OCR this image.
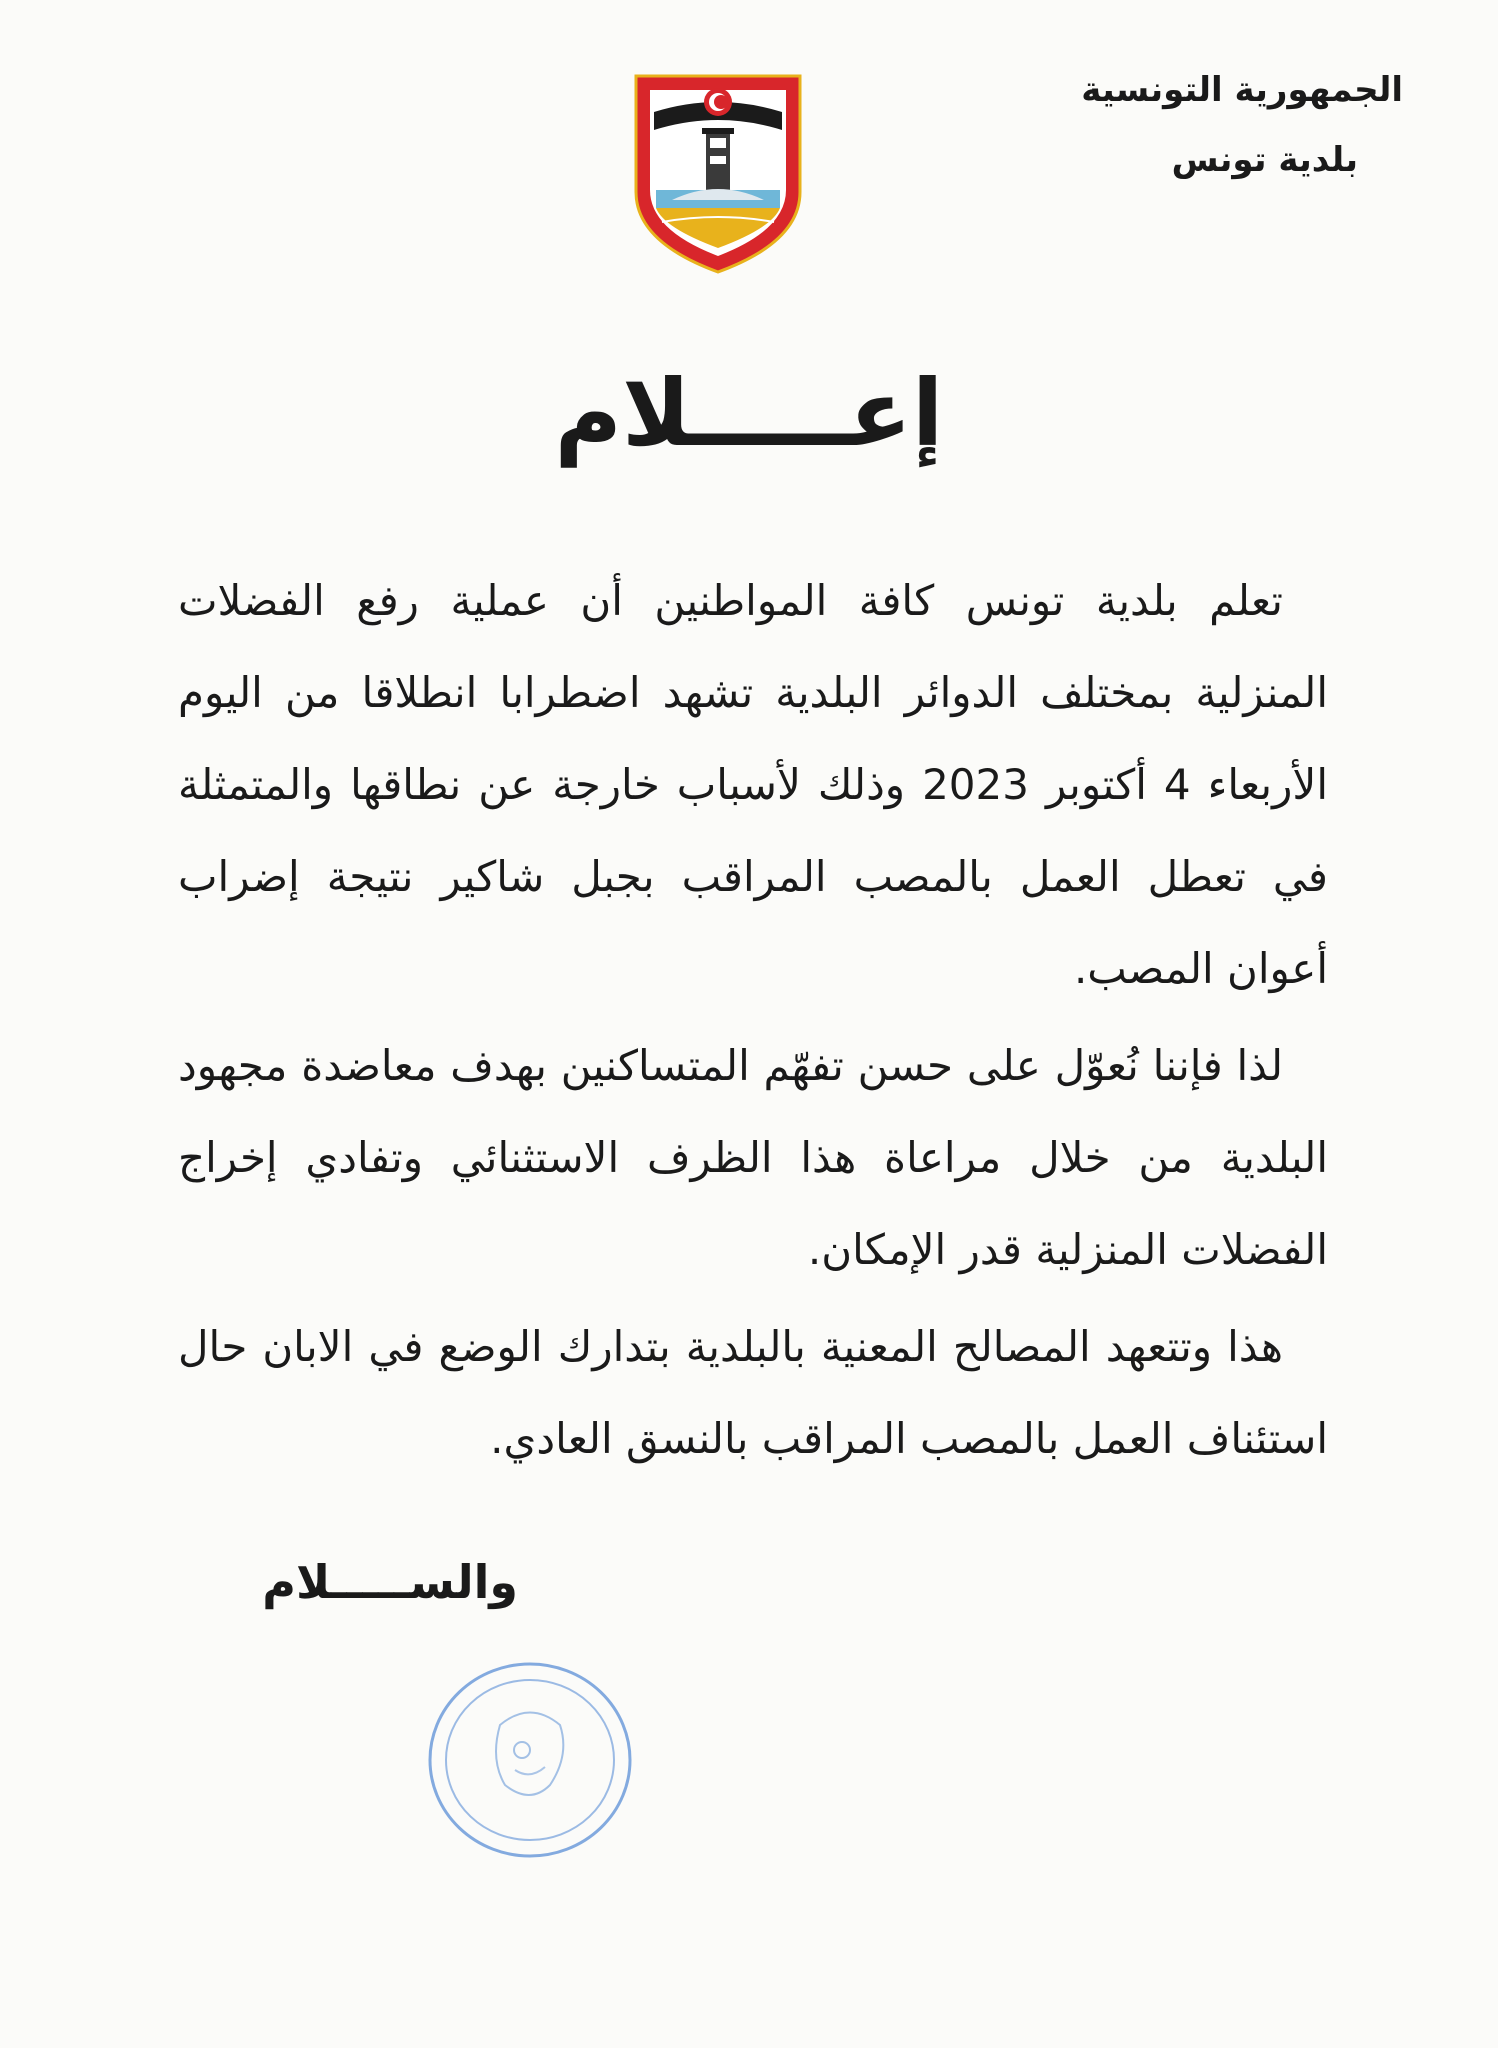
الجمهورية التونسية
بلدية تونس
إعـــــلام

تعلم بلدية تونس كافة المواطنين أن عملية رفع الفضلات المنزلية بمختلف الدوائر البلدية تشهد اضطرابا انطلاقا من اليوم الأربعاء 4 أكتوبر 2023 وذلك لأسباب خارجة عن نطاقها والمتمثلة في تعطل العمل بالمصب المراقب بجبل شاكير نتيجة إضراب أعوان المصب.

لذا فإننا نُعوّل على حسن تفهّم المتساكنين بهدف معاضدة مجهود البلدية من خلال مراعاة هذا الظرف الاستثنائي وتفادي إخراج الفضلات المنزلية قدر الإمكان.

هذا وتتعهد المصالح المعنية بالبلدية بتدارك الوضع في الابان حال استئناف العمل بالمصب المراقب بالنسق العادي.

والســـــلام
